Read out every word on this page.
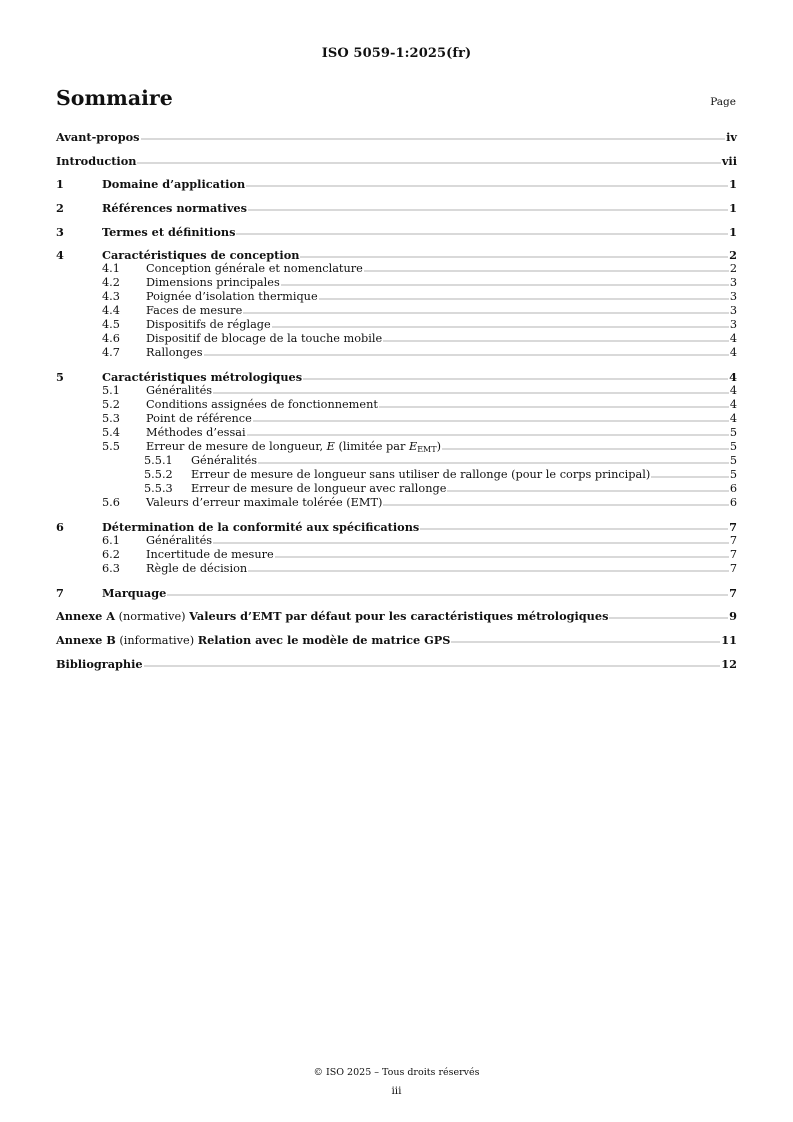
ISO 5059-1:2025(fr)
Sommaire	Page
Avant-propos	iv
Introduction	vii
1	Domaine d’application	1
2	Références normatives	1
3	Termes et définitions	1
4	Caractéristiques de conception	2
4.1	Conception générale et nomenclature	2
4.2	Dimensions principales	3
4.3	Poignée d’isolation thermique	3
4.4	Faces de mesure	3
4.5	Dispositifs de réglage	3
4.6	Dispositif de blocage de la touche mobile	4
4.7	Rallonges	4
5	Caractéristiques métrologiques	4
5.1	Généralités	4
5.2	Conditions assignées de fonctionnement	4
5.3	Point de référence	4
5.4	Méthodes d’essai	5
5.5	Erreur de mesure de longueur, E (limitée par $E_{EMT}$)	5
5.5.1	Généralités	5
5.5.2	Erreur de mesure de longueur sans utiliser de rallonge (pour le corps principal)	5
5.5.3	Erreur de mesure de longueur avec rallonge	6
5.6	Valeurs d’erreur maximale tolérée (EMT)	6
6	Détermination de la conformité aux spécifications	7
6.1	Généralités	7
6.2	Incertitude de mesure	7
6.3	Règle de décision	7
7	Marquage	7
Annexe A (normative) Valeurs d’EMT par défaut pour les caractéristiques métrologiques	9
Annexe B (informative) Relation avec le modèle de matrice GPS	11
Bibliographie	12
© ISO 2025 – Tous droits réservés
iii
